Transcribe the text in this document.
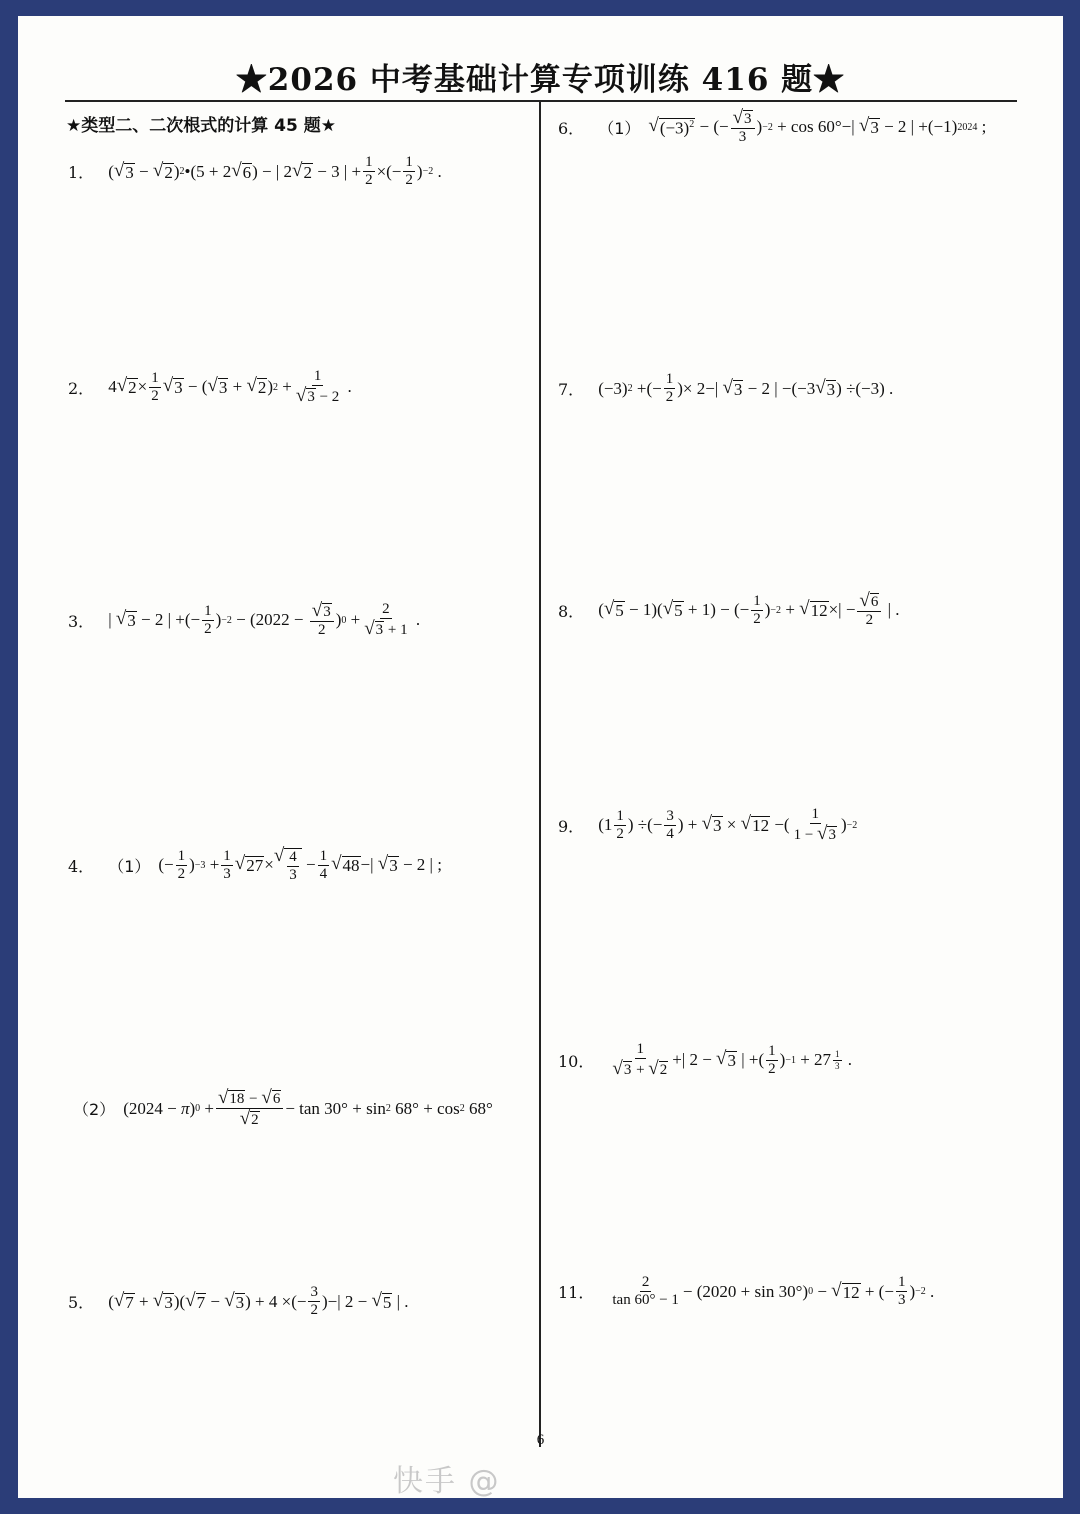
★2026 中考基础计算专项训练 416 题★
★类型二、二次根式的计算 45 题★
1． ( √ 3 − √ 2 ) 2 •(5 + 2 √ 6 ) − | 2 √ 2 − 3 | + $\frac{1}{2}$ ×(− $\frac{1}{2}$ ) −2 .
2． 4 √ $2 \times \frac{1}{2}$ √ 3 − ( √ 3 + √ 2 ) $2 + \frac{1}{√ 3 - 2}$ .
3． | √ 3 − 2 | +(− $\frac{1}{2}$ ) $-2 - (2022 - \frac{√ 3}{2}$ ) $0 + \frac{2}{√ 3 + 1}$ .
4． （1） (− $\frac{1}{2}$ ) $-3 + \frac{1}{3}$ √ 27 × √ $\frac{4}{3} - \frac{1}{4}$ √ 48 −| √ 3 − 2 | ;
（2） (2024 − π ) $0 + \frac{√ 18 - √ 6}{√ 2} - \tan 30^\circ + \sin 2$ 68° + cos 2 68°
5． ( √ 7 + √ 3 )( √ 7 − √ 3 ) + 4 ×(− $\frac{3}{2}$ )−| 2 − √ 5 | .
6． （1） √ $(-3)^2$ − (− $\frac{√ 3}{3}$ ) −2 + cos 60°−| √ 3 − 2 | +(−1) 2024 ;
7． (−3) 2 +(− $\frac{1}{2}$ )× 2−| √ 3 − 2 | −(−3 √ 3 ) ÷(−3) .
8． ( √ 5 − 1)( √ 5 + 1) − (− $\frac{1}{2}$ ) −2 + √ 12 ×| − $\frac{√ 6}{2}$ | .
9． ($1 \frac{1}{2}$ ) ÷(− $\frac{3}{4}$ ) + √ 3 × √ 12 −( $\frac{1}{1 - √ 3}$ ) −2
10． $\frac{1}{√ 3 + √ 2}$ +| 2 − √ 3 | +( $\frac{1}{2}$ ) $-1 + 27 \frac{1}{3}$ .
11． $\frac{2}{\tan 60^\circ - 1} - (2020 + \sin 30^\circ) 0$ − √ 12 + (− $\frac{1}{3}$ ) −2 .
6
快手 @
